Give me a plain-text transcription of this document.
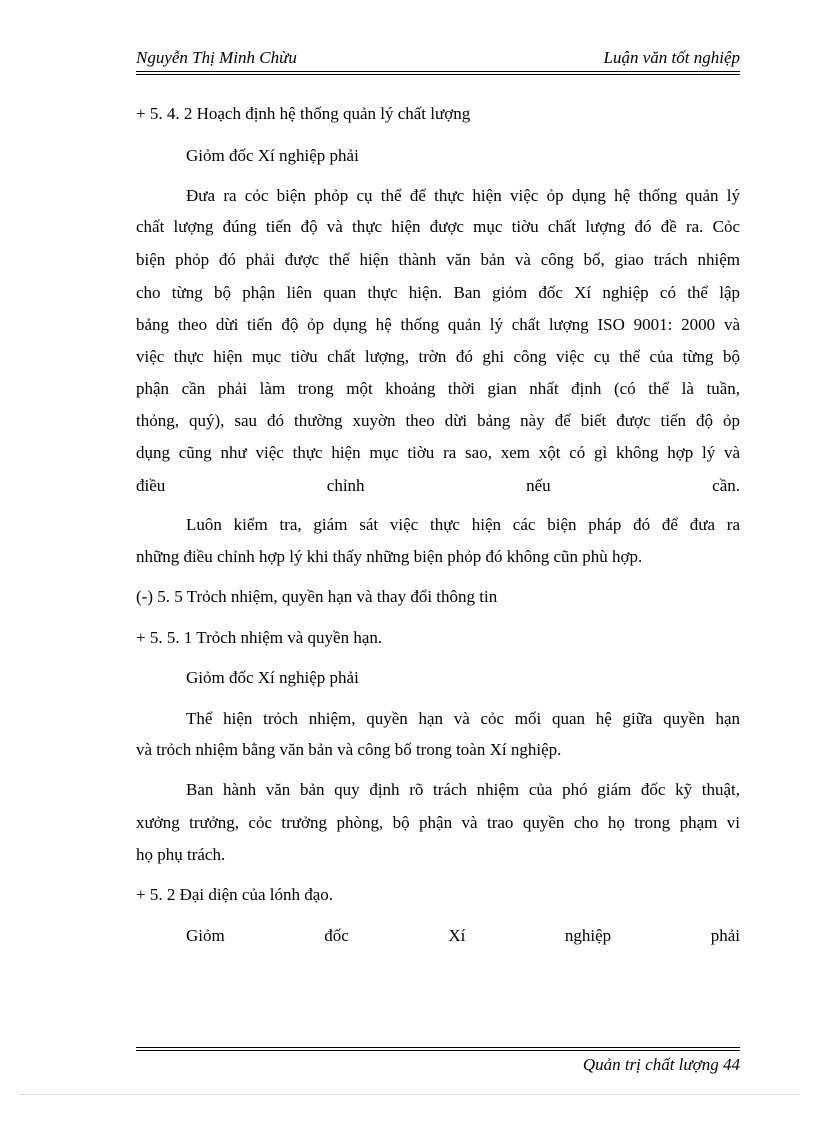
Nguyễn Thị Minh Chừu	Luận văn tốt nghiệp
+ 5. 4. 2 Hoạch định hệ thống quản lý chất lượng
Giỏm đốc Xí nghiệp phải
Đưa ra cỏc biện phỏp cụ thể để thực hiện việc ỏp dụng hệ thống quản lý
chất lượng đúng tiến độ và thực hiện được mục tiờu chất lượng đó đề ra. Cỏc
biện phỏp đó phải được thể hiện thành văn bản và công bố, giao trách nhiệm
cho từng bộ phận liên quan thực hiện. Ban giỏm đốc Xí nghiệp có thể lập
bảng theo dừi tiến độ ỏp dụng hệ thống quản lý chất lượng ISO 9001: 2000 và
việc thực hiện mục tiờu chất lượng, trờn đó ghi công việc cụ thể của từng bộ
phận cần phải làm trong một khoảng thời gian nhất định (có thể là tuần,
thỏng, quý), sau đó thường xuyờn theo dừi bảng này để biết được tiến độ ỏp
dụng cũng như việc thực hiện mục tiờu ra sao, xem xột có gì không hợp lý và
điều chỉnh nếu cần.
Luôn kiểm tra, giám sát việc thực hiện các biện pháp đó để đưa ra
những điều chỉnh hợp lý khi thấy những biện phỏp đó không cũn phù hợp.
(-) 5. 5 Trỏch nhiệm, quyền hạn và thay đổi thông tin
+ 5. 5. 1 Trỏch nhiệm và quyền hạn.
Giỏm đốc Xí nghiệp phải
Thể hiện trỏch nhiệm, quyền hạn và cỏc mối quan hệ giữa quyền hạn
và trỏch nhiệm bằng văn bản và công bố trong toàn Xí nghiệp.
Ban hành văn bản quy định rõ trách nhiệm của phó giám đốc kỹ thuật,
xưởng trưởng, cỏc trưởng phòng, bộ phận và trao quyền cho họ trong phạm vi
họ phụ trách.
+ 5. 2 Đại diện của lónh đạo.
Giỏm đốc Xí nghiệp phải
Quản trị chất lượng 44
